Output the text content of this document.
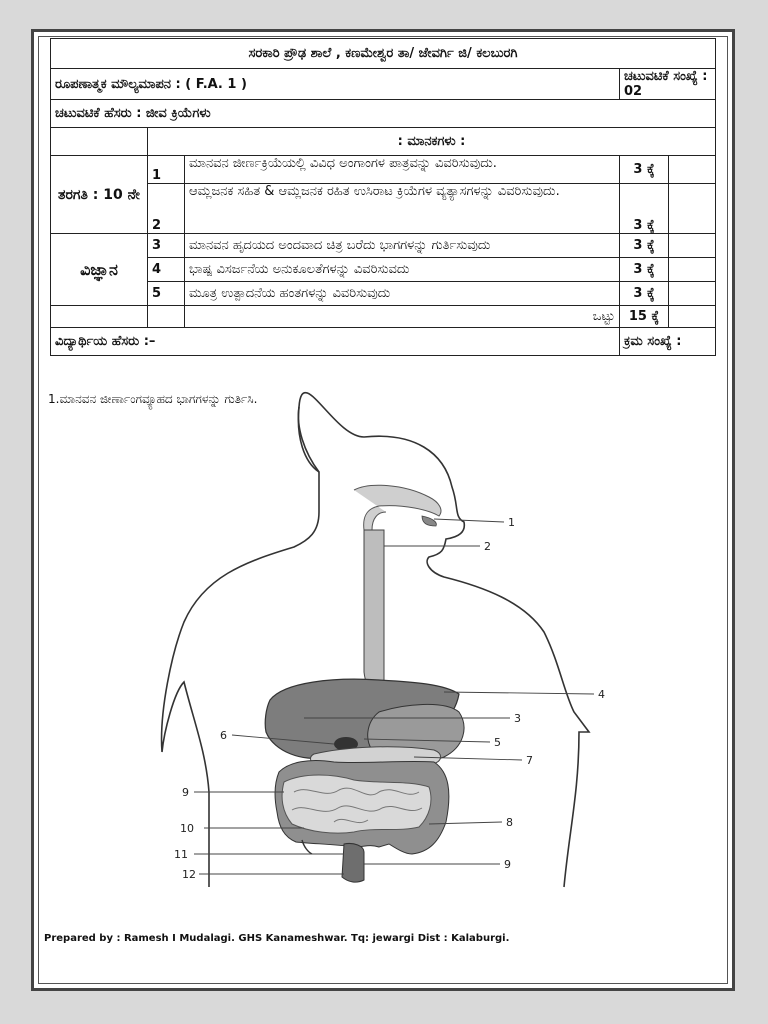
ಸರಕಾರಿ ಪ್ರೌಢ ಶಾಲೆ , ಕಣಮೇಶ್ವರ ತಾ/ ಜೇವರ್ಗಿ ಜಿ/ ಕಲಬುರಗಿ				
ರೂಪಣಾತ್ಮಕ ಮೌಲ್ಯಮಾಪನ : ( F.A. 1 )			ಚಟುವಟಿಕೆ ಸಂಖ್ಯೆ : 02	
ಚಟುವಟಿಕೆ ಹೆಸರು : ಜೀವ ಕ್ರಿಯೆಗಳು				
	: ಮಾನಕಗಳು :			
ತರಗತಿ : 10 ನೇ	1	ಮಾನವನ ಜೀರ್ಣಕ್ರಿಯೆಯಲ್ಲಿ ವಿವಿಧ ಅಂಗಾಂಗಳ ಪಾತ್ರವನ್ನು ವಿವರಿಸುವುದು.	3 ಕ್ಕೆ	
	2	ಆಮ್ಲಜನಕ ಸಹಿತ & ಆಮ್ಲಜನಕ ರಹಿತ ಉಸಿರಾಟ ಕ್ರಿಯೆಗಳ ವ್ಯತ್ಯಾಸಗಳನ್ನು ವಿವರಿಸುವುದು.	3 ಕ್ಕೆ	
ವಿಜ್ಞಾನ	3	ಮಾನವನ ಹೃದಯದ ಅಂದವಾದ ಚಿತ್ರ ಬರೆದು ಭಾಗಗಳನ್ನು ಗುರ್ತಿಸುವುದು	3 ಕ್ಕೆ	
	4	ಭಾಷ್ಪ ವಿಸರ್ಜನೆಯ ಅನುಕೂಲತೆಗಳನ್ನು ವಿವರಿಸುವದು	3 ಕ್ಕೆ	
	5	ಮೂತ್ರ ಉತ್ಪಾದನೆಯ ಹಂತಗಳನ್ನು ವಿವರಿಸುವುದು	3 ಕ್ಕೆ	
		ಒಟ್ಟು	15 ಕ್ಕೆ	
ವಿದ್ಯಾರ್ಥಿಯ ಹೆಸರು :–			ಕ್ರಮ ಸಂಖ್ಯೆ :	
1.ಮಾನವನ ಜೀರ್ಣಾಂಗವ್ಯೂಹದ ಭಾಗಗಳನ್ನು ಗುರ್ತಿಸಿ.
1
2
3
4
5
6
7
8
9
9
10
11
12
Prepared by : Ramesh I Mudalagi. GHS Kanameshwar. Tq: jewargi Dist : Kalaburgi.
